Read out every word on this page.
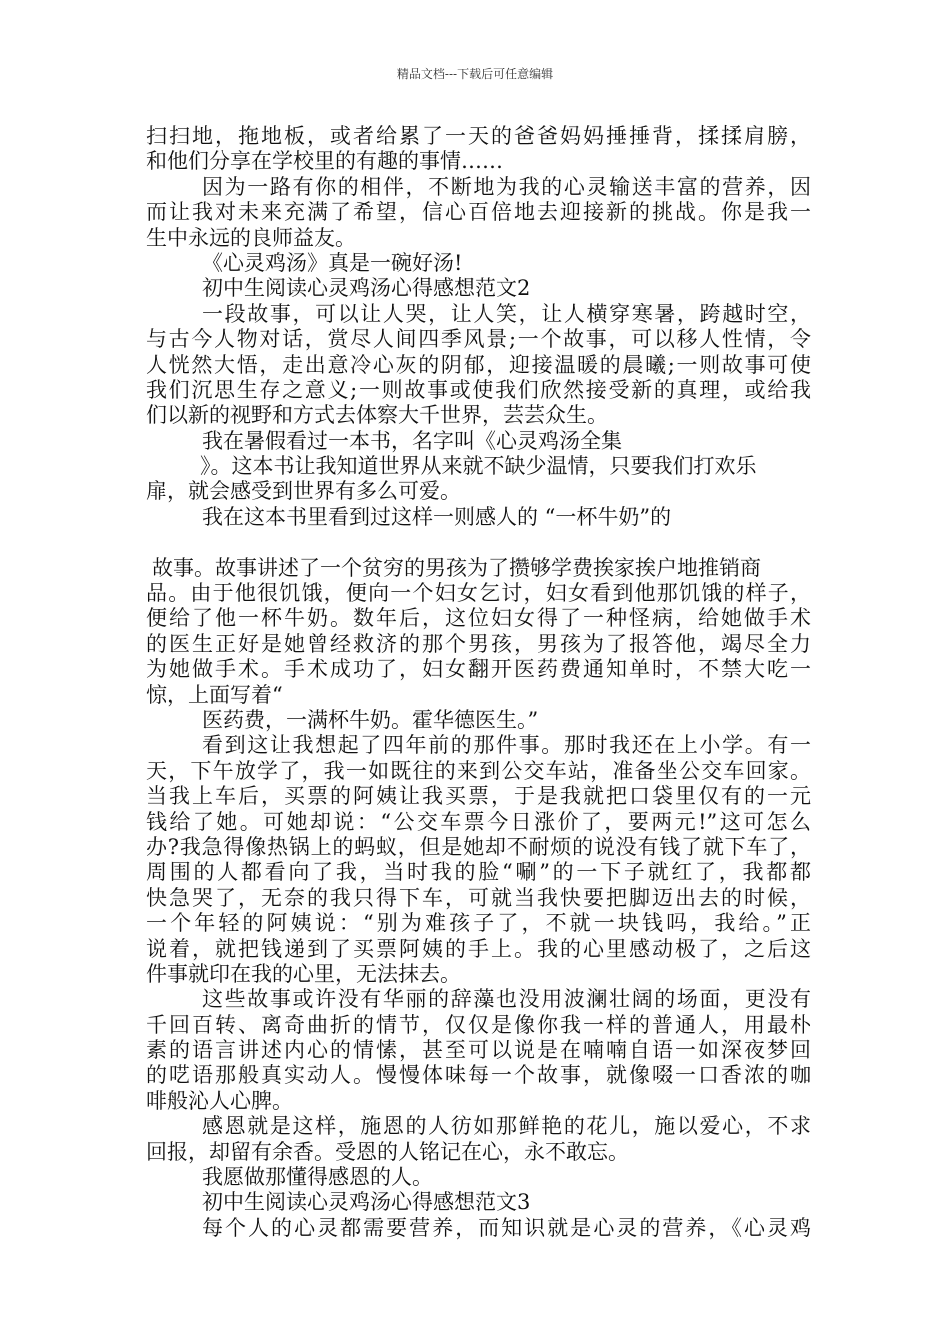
精品文档---下载后可任意编辑
扫扫地，拖地板，或者给累了一天的爸爸妈妈捶捶背，揉揉肩膀，
和他们分享在学校里的有趣的事情……
因为一路有你的相伴，不断地为我的心灵输送丰富的营养，因
而让我对未来充满了希望，信心百倍地去迎接新的挑战。你是我一
生中永远的良师益友。
《心灵鸡汤》真是一碗好汤!
初中生阅读心灵鸡汤心得感想范文2
一段故事，可以让人哭，让人笑，让人横穿寒暑，跨越时空，
与古今人物对话，赏尽人间四季风景;一个故事，可以移人性情，令
人恍然大悟，走出意冷心灰的阴郁，迎接温暖的晨曦;一则故事可使
我们沉思生存之意义;一则故事或使我们欣然接受新的真理，或给我
们以新的视野和方式去体察大千世界，芸芸众生。
我在暑假看过一本书，名字叫《心灵鸡汤全集
》。这本书让我知道世界从来就不缺少温情，只要我们打欢乐
扉，就会感受到世界有多么可爱。
我在这本书里看到过这样一则感人的 “一杯牛奶”的
故事。故事讲述了一个贫穷的男孩为了攒够学费挨家挨户地推销商
品。由于他很饥饿，便向一个妇女乞讨，妇女看到他那饥饿的样子，
便给了他一杯牛奶。数年后，这位妇女得了一种怪病，给她做手术
的医生正好是她曾经救济的那个男孩，男孩为了报答他，竭尽全力
为她做手术。手术成功了，妇女翻开医药费通知单时，不禁大吃一
惊，上面写着“
医药费，一满杯牛奶。霍华德医生。”
看到这让我想起了四年前的那件事。那时我还在上小学。有一
天，下午放学了，我一如既往的来到公交车站，准备坐公交车回家。
当我上车后，买票的阿姨让我买票，于是我就把口袋里仅有的一元
钱给了她。可她却说：“公交车票今日涨价了，要两元!”这可怎么
办?我急得像热锅上的蚂蚁，但是她却不耐烦的说没有钱了就下车了，
周围的人都看向了我，当时我的脸“唰”的一下子就红了，我都都
快急哭了，无奈的我只得下车，可就当我快要把脚迈出去的时候，
一个年轻的阿姨说：“别为难孩子了，不就一块钱吗，我给。”正
说着，就把钱递到了买票阿姨的手上。我的心里感动极了，之后这
件事就印在我的心里，无法抹去。
这些故事或许没有华丽的辞藻也没用波澜壮阔的场面，更没有
千回百转、离奇曲折的情节，仅仅是像你我一样的普通人，用最朴
素的语言讲述内心的情愫，甚至可以说是在喃喃自语一如深夜梦回
的呓语那般真实动人。慢慢体味每一个故事，就像啜一口香浓的咖
啡般沁人心脾。
感恩就是这样，施恩的人彷如那鲜艳的花儿，施以爱心，不求
回报，却留有余香。受恩的人铭记在心，永不敢忘。
我愿做那懂得感恩的人。
初中生阅读心灵鸡汤心得感想范文3
每个人的心灵都需要营养，而知识就是心灵的营养，《心灵鸡
